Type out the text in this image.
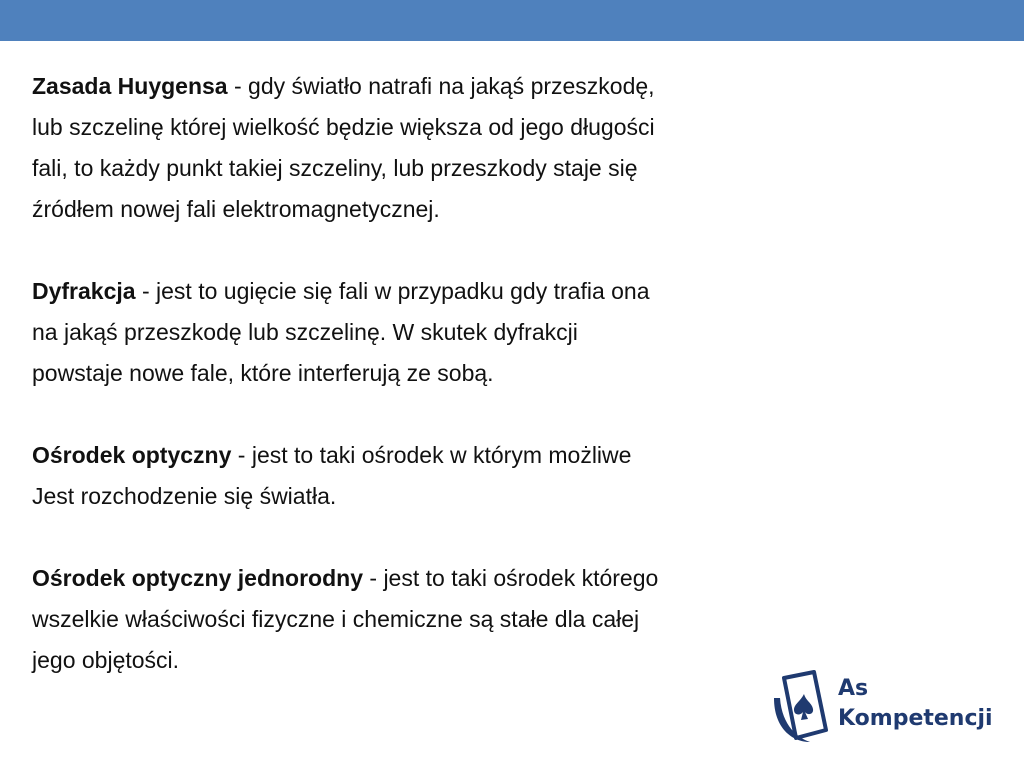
Zasada Huygensa - gdy światło natrafi na jakąś przeszkodę,
lub szczelinę której wielkość będzie większa od jego długości
fali, to każdy punkt takiej szczeliny, lub przeszkody staje się
źródłem nowej fali elektromagnetycznej.

Dyfrakcja - jest to ugięcie się fali w przypadku gdy trafia ona
na jakąś przeszkodę lub szczelinę. W skutek dyfrakcji
powstaje nowe fale, które interferują ze sobą.

Ośrodek optyczny - jest to taki ośrodek w którym możliwe
Jest rozchodzenie się światła.

Ośrodek optyczny jednorodny - jest to taki ośrodek którego
wszelkie właściwości fizyczne i chemiczne są stałe dla całej
jego objętości.

As
Kompetencji
